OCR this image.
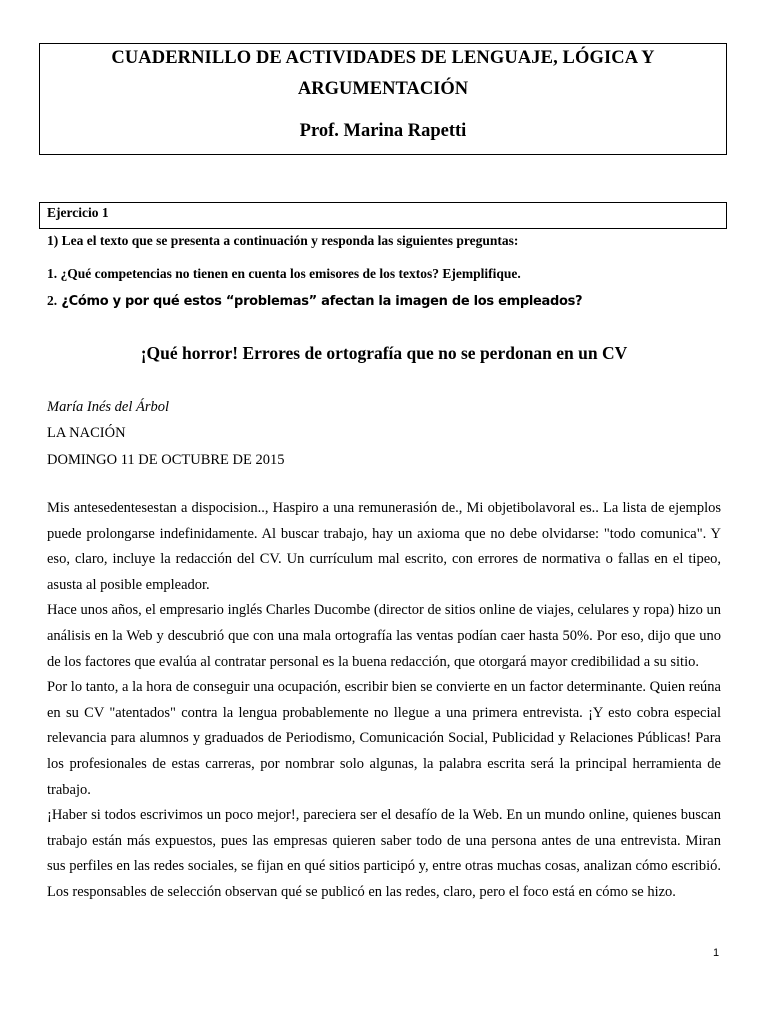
CUADERNILLO DE ACTIVIDADES DE LENGUAJE, LÓGICA Y
ARGUMENTACIÓN
Prof. Marina Rapetti
Ejercicio 1
1) Lea el texto que se presenta a continuación y responda las siguientes preguntas:
1. ¿Qué competencias no tienen en cuenta los emisores de los textos? Ejemplifique.
2. ¿Cómo y por qué estos “problemas” afectan la imagen de los empleados?
¡Qué horror! Errores de ortografía que no se perdonan en un CV
María Inés del Árbol
LA NACIÓN
DOMINGO 11 DE OCTUBRE DE 2015

Mis antesedentesestan a dispocision.., Haspiro a una remunerasión de., Mi objetibolavoral es.. La lista de ejemplos puede prolongarse indefinidamente. Al buscar trabajo, hay un axioma que no debe olvidarse: "todo comunica". Y eso, claro, incluye la redacción del CV. Un currículum mal escrito, con errores de normativa o fallas en el tipeo, asusta al posible empleador.

Hace unos años, el empresario inglés Charles Ducombe (director de sitios online de viajes, celulares y ropa) hizo un análisis en la Web y descubrió que con una mala ortografía las ventas podían caer hasta 50%. Por eso, dijo que uno de los factores que evalúa al contratar personal es la buena redacción, que otorgará mayor credibilidad a su sitio.

Por lo tanto, a la hora de conseguir una ocupación, escribir bien se convierte en un factor determinante. Quien reúna en su CV "atentados" contra la lengua probablemente no llegue a una primera entrevista. ¡Y esto cobra especial relevancia para alumnos y graduados de Periodismo, Comunicación Social, Publicidad y Relaciones Públicas! Para los profesionales de estas carreras, por nombrar solo algunas, la palabra escrita será la principal herramienta de trabajo.

¡Haber si todos escrivimos un poco mejor!, pareciera ser el desafío de la Web. En un mundo online, quienes buscan trabajo están más expuestos, pues las empresas quieren saber todo de una persona antes de una entrevista. Miran sus perfiles en las redes sociales, se fijan en qué sitios participó y, entre otras muchas cosas, analizan cómo escribió. Los responsables de selección observan qué se publicó en las redes, claro, pero el foco está en cómo se hizo.

1
